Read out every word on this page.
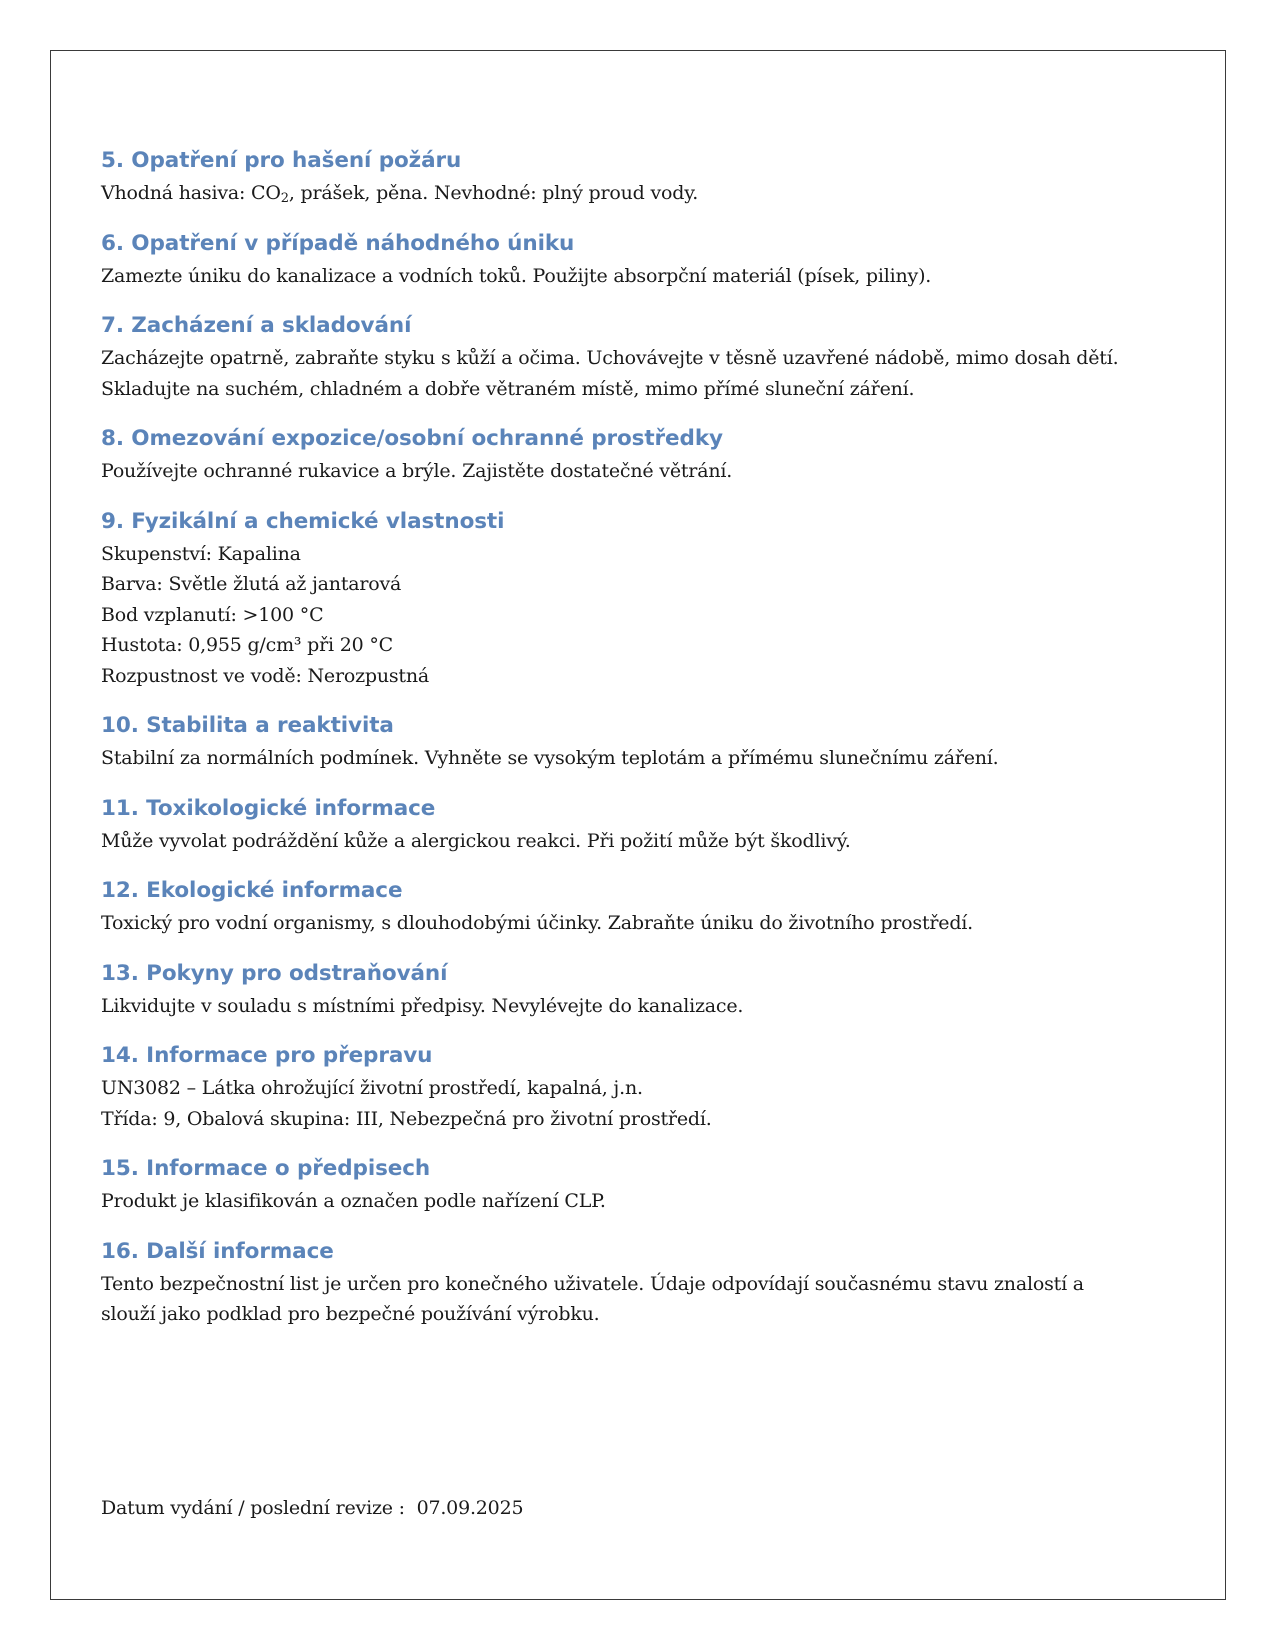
5. Opatření pro hašení požáru
Vhodná hasiva: $CO_2$, prášek, pěna. Nevhodné: plný proud vody.
6. Opatření v případě náhodného úniku
Zamezte úniku do kanalizace a vodních toků. Použijte absorpční materiál (písek, piliny).
7. Zacházení a skladování
Zacházejte opatrně, zabraňte styku s kůží a očima. Uchovávejte v těsně uzavřené nádobě, mimo dosah dětí.
Skladujte na suchém, chladném a dobře větraném místě, mimo přímé sluneční záření.
8. Omezování expozice/osobní ochranné prostředky
Používejte ochranné rukavice a brýle. Zajistěte dostatečné větrání.
9. Fyzikální a chemické vlastnosti
Skupenství: Kapalina
Barva: Světle žlutá až jantarová
Bod vzplanutí: >100 °C
Hustota: 0,955 g/cm³ při 20 °C
Rozpustnost ve vodě: Nerozpustná
10. Stabilita a reaktivita
Stabilní za normálních podmínek. Vyhněte se vysokým teplotám a přímému slunečnímu záření.
11. Toxikologické informace
Může vyvolat podráždění kůže a alergickou reakci. Při požití může být škodlivý.
12. Ekologické informace
Toxický pro vodní organismy, s dlouhodobými účinky. Zabraňte úniku do životního prostředí.
13. Pokyny pro odstraňování
Likvidujte v souladu s místními předpisy. Nevylévejte do kanalizace.
14. Informace pro přepravu
UN3082 – Látka ohrožující životní prostředí, kapalná, j.n.
Třída: 9, Obalová skupina: III, Nebezpečná pro životní prostředí.
15. Informace o předpisech
Produkt je klasifikován a označen podle nařízení CLP.
16. Další informace
Tento bezpečnostní list je určen pro konečného uživatele. Údaje odpovídají současnému stavu znalostí a
slouží jako podklad pro bezpečné používání výrobku.
Datum vydání / poslední revize : 07.09.2025
